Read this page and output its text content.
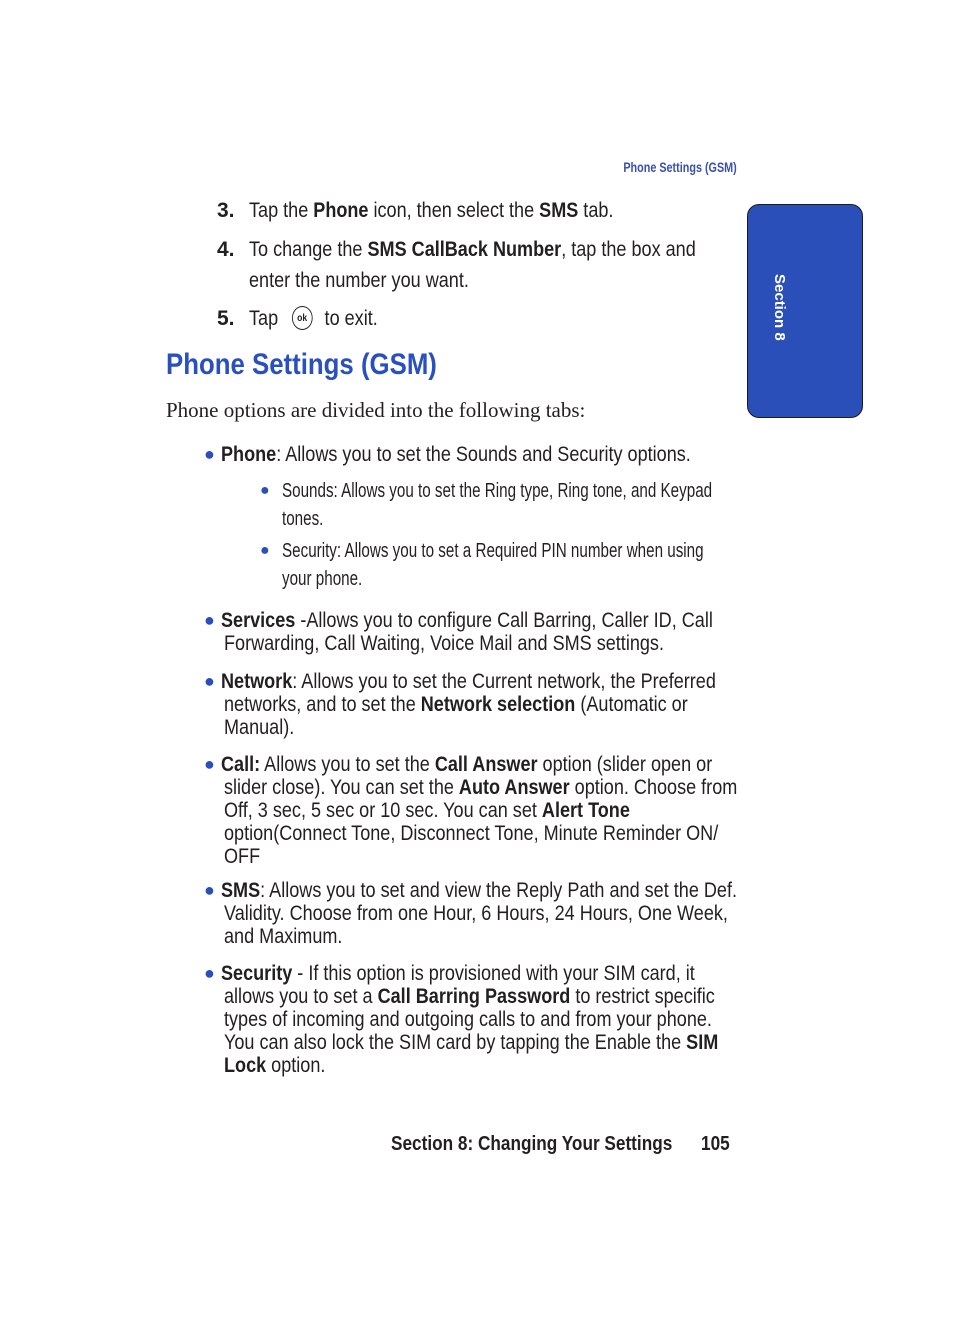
Phone Settings (GSM)
Section 8
3. Tap the Phone icon, then select the SMS tab.
4. To change the SMS CallBack Number, tap the box and
enter the number you want.
5. Tap ok to exit.
Phone Settings (GSM)
Phone options are divided into the following tabs:
● Phone: Allows you to set the Sounds and Security options.
● Sounds: Allows you to set the Ring type, Ring tone, and Keypad
tones.
● Security: Allows you to set a Required PIN number when using
your phone.
● Services -Allows you to configure Call Barring, Caller ID, Call
Forwarding, Call Waiting, Voice Mail and SMS settings.
● Network: Allows you to set the Current network, the Preferred
networks, and to set the Network selection (Automatic or
Manual).
● Call: Allows you to set the Call Answer option (slider open or
slider close). You can set the Auto Answer option. Choose from
Off, 3 sec, 5 sec or 10 sec. You can set Alert Tone
option(Connect Tone, Disconnect Tone, Minute Reminder ON/
OFF
● SMS: Allows you to set and view the Reply Path and set the Def.
Validity. Choose from one Hour, 6 Hours, 24 Hours, One Week,
and Maximum.
● Security - If this option is provisioned with your SIM card, it
allows you to set a Call Barring Password to restrict specific
types of incoming and outgoing calls to and from your phone.
You can also lock the SIM card by tapping the Enable the SIM
Lock option.
Section 8: Changing Your Settings	105
